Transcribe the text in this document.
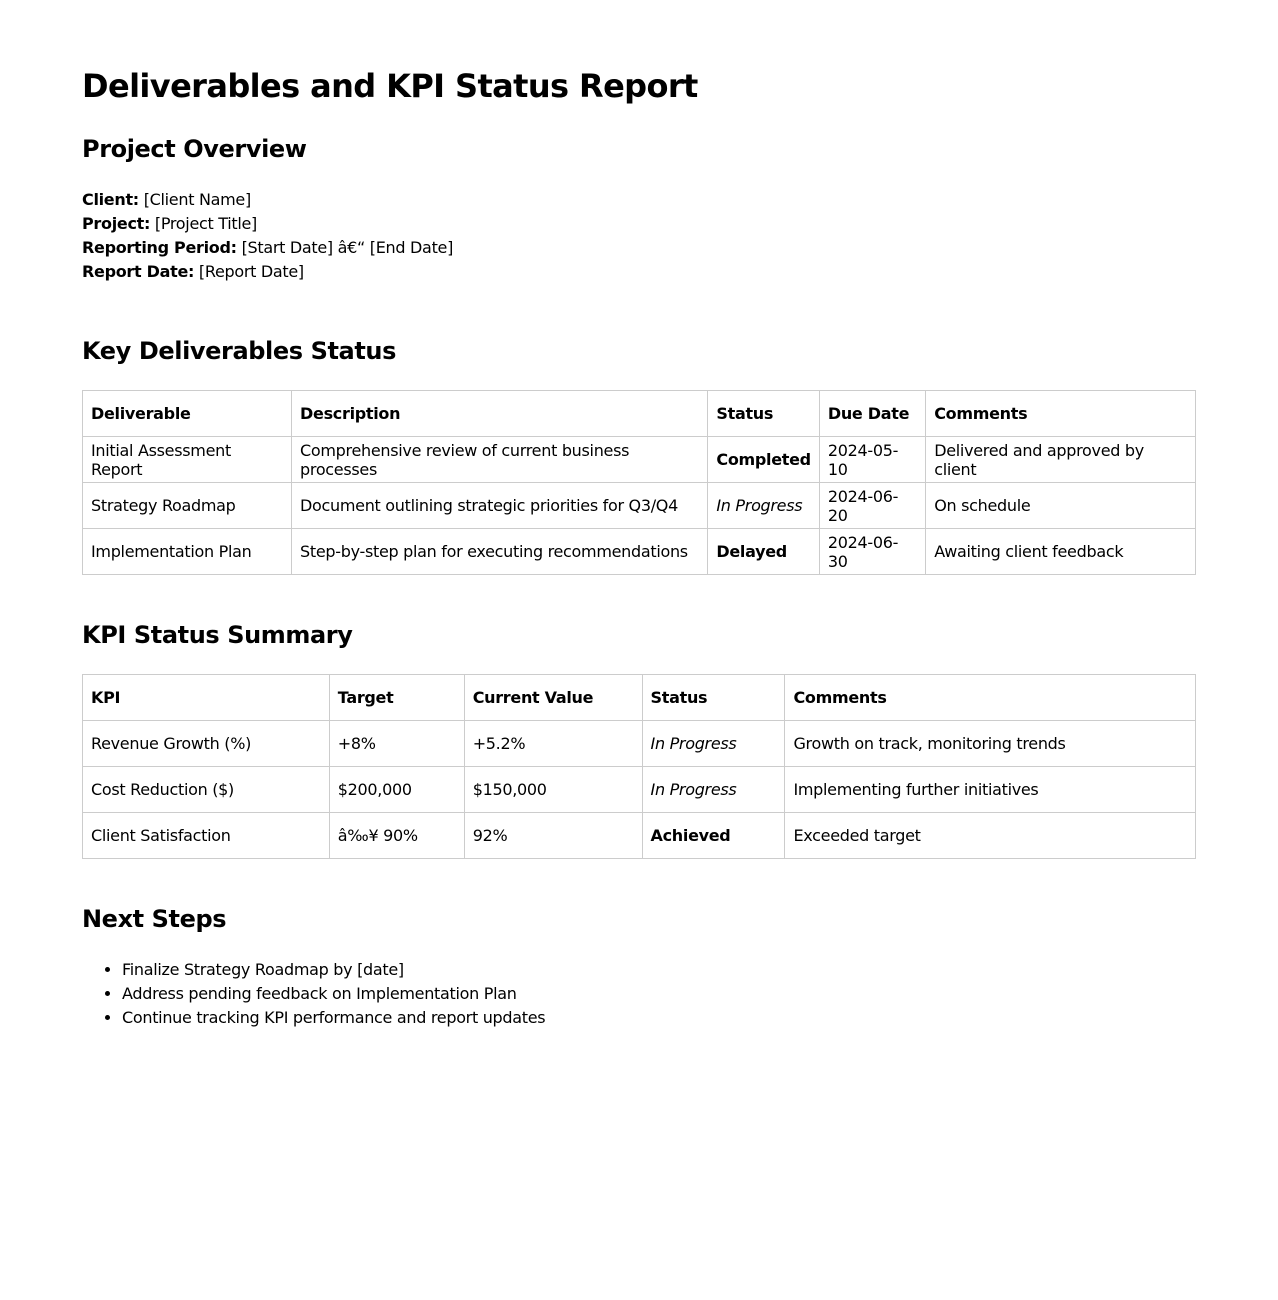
Deliverables and KPI Status Report
Project Overview
Client: [Client Name]
Project: [Project Title]
Reporting Period: [Start Date] â€“ [End Date]
Report Date: [Report Date]
Key Deliverables Status
Deliverable	Description	Status	Due Date	Comments
Initial Assessment Report	Comprehensive review of current business processes	Completed	2024-05-10	Delivered and approved by client
Strategy Roadmap	Document outlining strategic priorities for Q3/Q4	In Progress	2024-06-20	On schedule
Implementation Plan	Step-by-step plan for executing recommendations	Delayed	2024-06-30	Awaiting client feedback
KPI Status Summary
KPI	Target	Current Value	Status	Comments
Revenue Growth (%)	+8%	+5.2%	In Progress	Growth on track, monitoring trends
Cost Reduction ($)	$200,000	$150,000	In Progress	Implementing further initiatives
Client Satisfaction	â‰¥ 90%	92%	Achieved	Exceeded target
Next Steps
• Finalize Strategy Roadmap by [date]
• Address pending feedback on Implementation Plan
• Continue tracking KPI performance and report updates
